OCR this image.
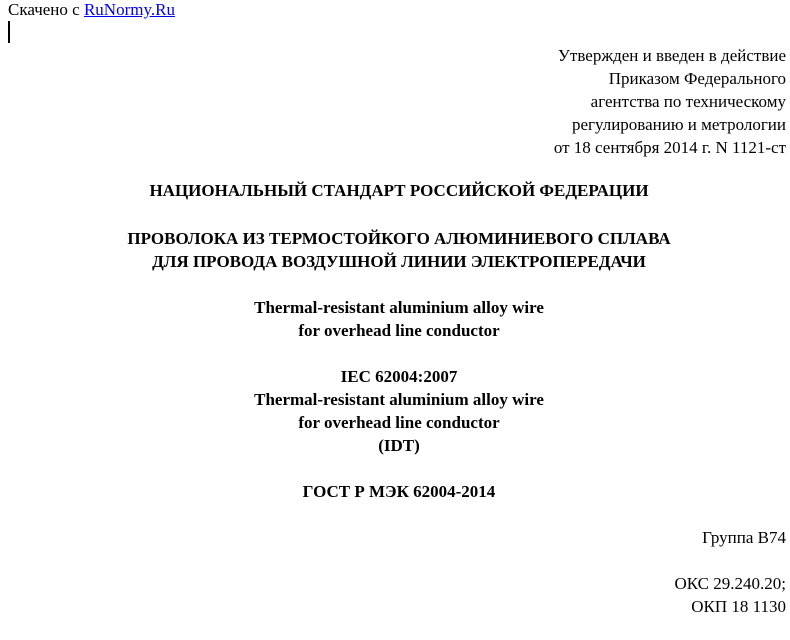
Скачено с RuNormy.Ru
Утвержден и введен в действие
Приказом Федерального
агентства по техническому
регулированию и метрологии
от 18 сентября 2014 г. N 1121-ст
НАЦИОНАЛЬНЫЙ СТАНДАРТ РОССИЙСКОЙ ФЕДЕРАЦИИ
ПРОВОЛОКА ИЗ ТЕРМОСТОЙКОГО АЛЮМИНИЕВОГО СПЛАВА
ДЛЯ ПРОВОДА ВОЗДУШНОЙ ЛИНИИ ЭЛЕКТРОПЕРЕДАЧИ
Thermal-resistant aluminium alloy wire
for overhead line conductor
IEC 62004:2007
Thermal-resistant aluminium alloy wire
for overhead line conductor
(IDT)
ГОСТ Р МЭК 62004-2014
Группа В74
ОКС 29.240.20;
ОКП 18 1130
